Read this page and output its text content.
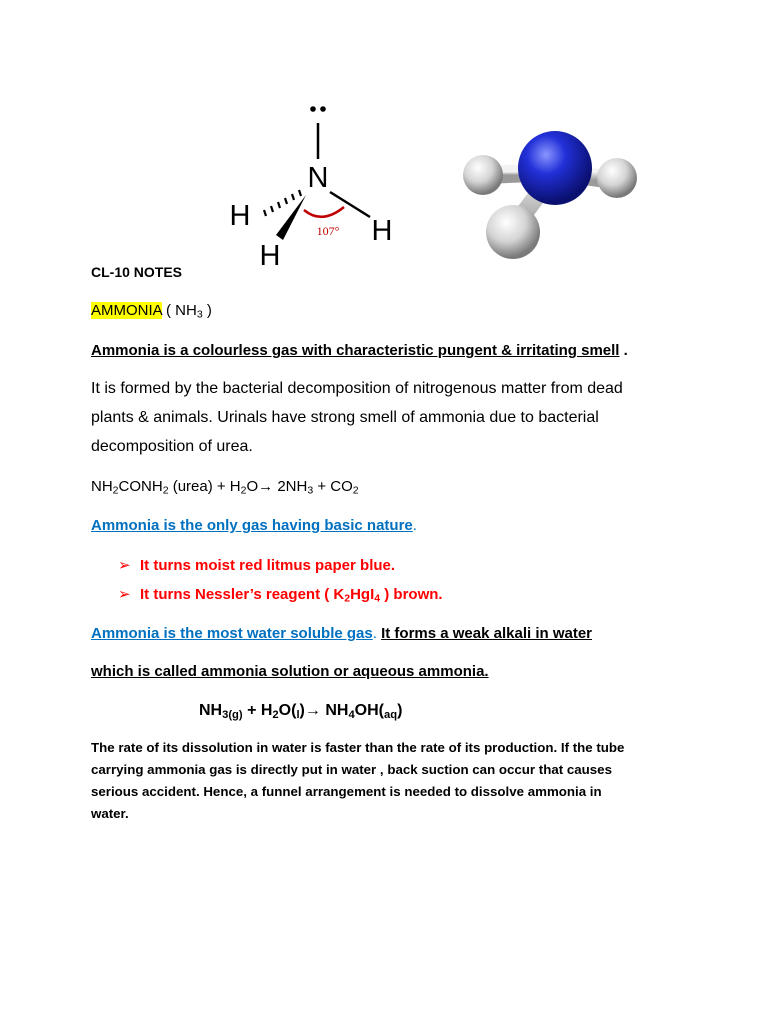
N
H
H
H
107°
CL-10 NOTES
AMMONIA ( $NH_3$ )
Ammonia is a colourless gas with characteristic pungent & irritating smell .
It is formed by the bacterial decomposition of nitrogenous matter from dead
plants & animals. Urinals have strong smell of ammonia due to bacterial
decomposition of urea.
$NH_2CONH_2$ (urea) + $H_2O\to 2NH_3 + CO_2$
Ammonia is the only gas having basic nature.
➢ It turns moist red litmus paper blue.
➢ It turns Nessler’s reagent ( $K_2HgI_4$ ) brown.
Ammonia is the most water soluble gas. It forms a weak alkali in water
which is called ammonia solution or aqueous ammonia.
$NH_{3(g)} + H_2O(_l)\to NH_4OH(_{aq})$
The rate of its dissolution in water is faster than the rate of its production. If the tube
carrying ammonia gas is directly put in water , back suction can occur that causes
serious accident. Hence, a funnel arrangement is needed to dissolve ammonia in
water.
